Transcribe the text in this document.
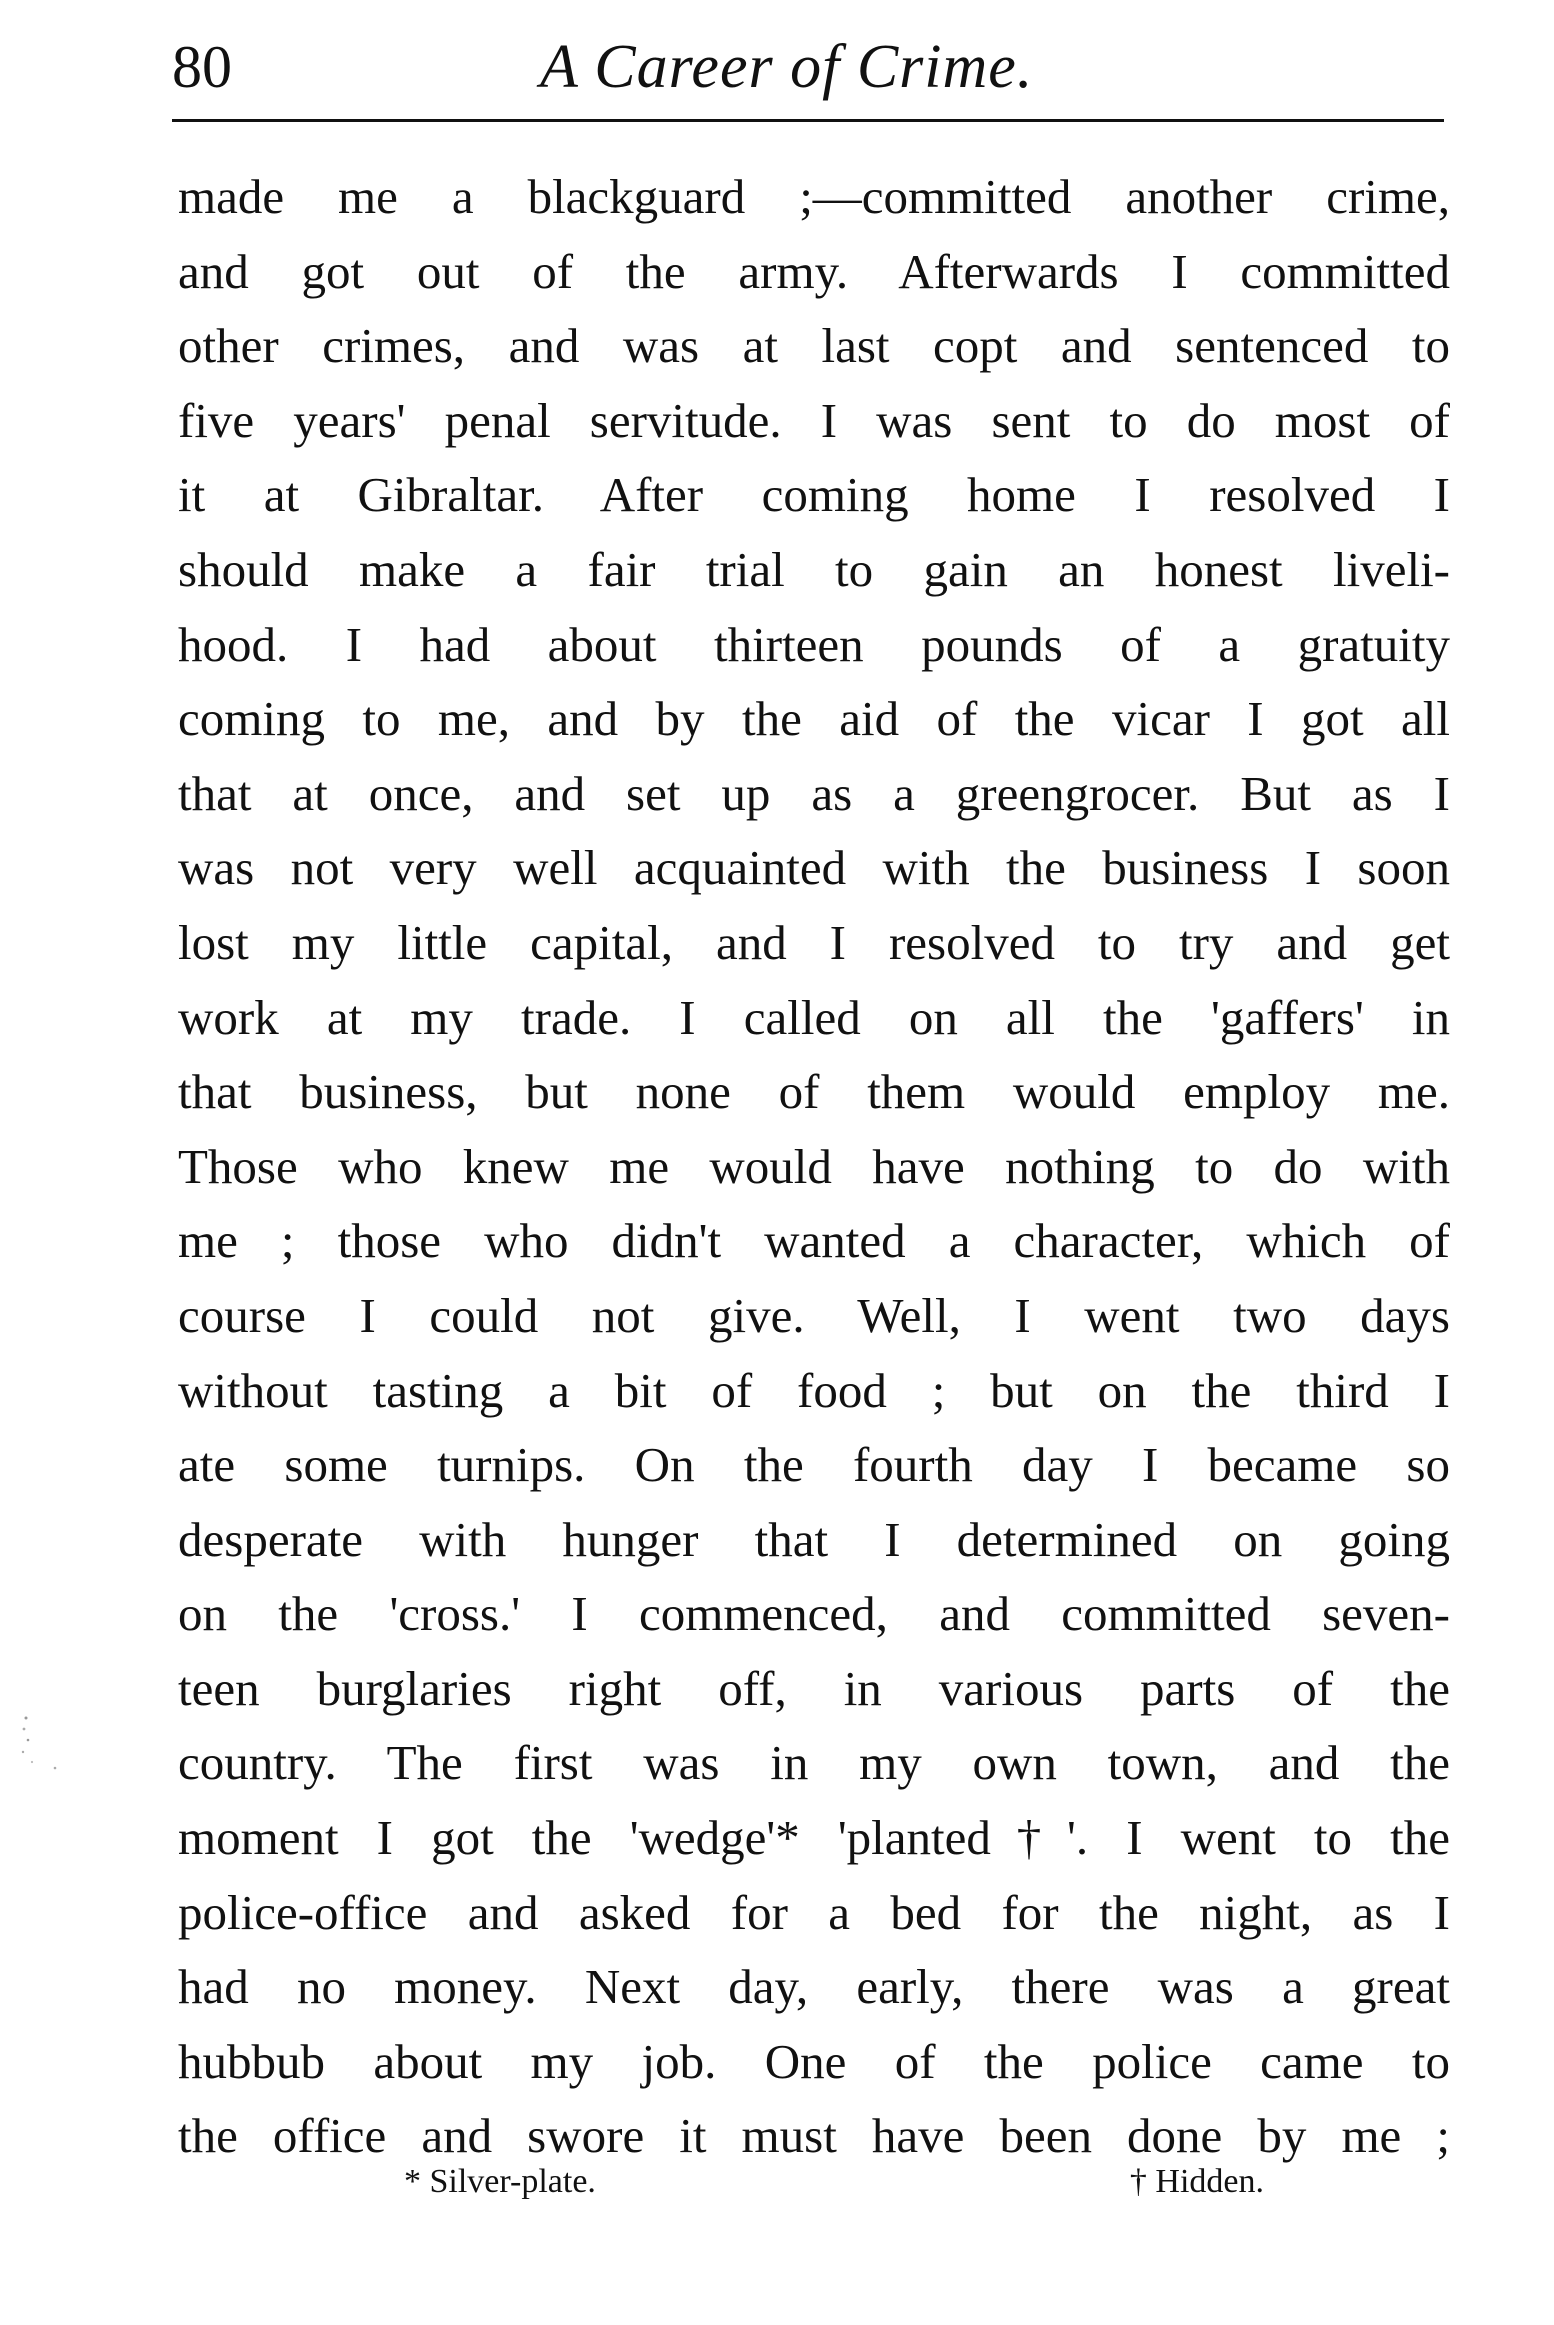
80	A Career of Crime.
made me a blackguard ;—committed another crime,
and got out of the army. Afterwards I committed
other crimes, and was at last copt and sentenced to
five years' penal servitude. I was sent to do most of
it at Gibraltar. After coming home I resolved I
should make a fair trial to gain an honest liveli-
hood. I had about thirteen pounds of a gratuity
coming to me, and by the aid of the vicar I got all
that at once, and set up as a greengrocer. But as I
was not very well acquainted with the business I soon
lost my little capital, and I resolved to try and get
work at my trade. I called on all the 'gaffers' in
that business, but none of them would employ me.
Those who knew me would have nothing to do with
me ; those who didn't wanted a character, which of
course I could not give. Well, I went two days
without tasting a bit of food ; but on the third I
ate some turnips. On the fourth day I became so
desperate with hunger that I determined on going
on the 'cross.' I commenced, and committed seven-
teen burglaries right off, in various parts of the
country. The first was in my own town, and the
moment I got the 'wedge'* 'planted†'. I went to the
police-office and asked for a bed for the night, as I
had no money. Next day, early, there was a great
hubbub about my job. One of the police came to
the office and swore it must have been done by me ;
* Silver-plate.	† Hidden.
